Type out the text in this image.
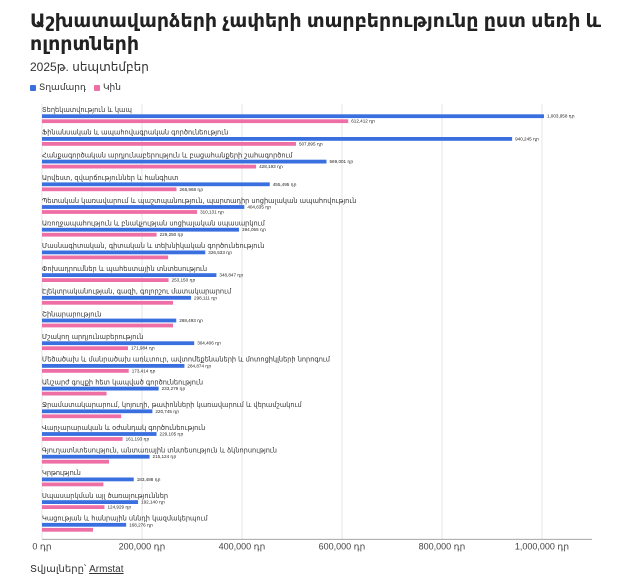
Աշխատավարձերի չափերի տարբերությունը ըստ սեռի և ոլորտների
2025թ. սեպտեմբեր
Տղամարդ Կին
0 դր	200,000 դր	400,000 դր	600,000 դր	800,000 դր	1,000,000 դր
Տեղեկատվություն և կապ
1,003,958 դր
612,412 դր
Ֆինանսական և ապահովագրական գործունեություն
940,245 դր
507,895 դր
Հանքագործական արդյունաբերություն և բացահանքերի շահագործում
569,001 դր
428,193 դր
Արվեստ, զվարճություններ և հանգիստ
455,495 դր
268,968 դր
Պետական կառավարում և պաշտպանություն, պարտադիր սոցիալական ապահովություն
404,635 դր
310,131 դր
Առողջապահություն և բնակչության սոցիալական սպասարկում
394,055 դր
229,250 դր
Մասնագիտական, գիտական և տեխնիկական գործունեություն
326,533 դր
Փոխադրումներ և պահեստային տնտեսություն
348,847 դր
253,150 դր
Էլեկտրականության, գազի, գոլորշու մատակարարում
298,111 դր
Շինարարություն
268,493 դր
Մշակող արդյունաբերություն
304,406 դր
171,984 դր
Մեծածախ և մանրածախ առևտուր, ավտոմեքենաների և մոտոցիկլների նորոգում
284,874 դր
173,414 դր
Անշարժ գույքի հետ կապված գործունեություն
233,279 դր
Ջրամատակարարում, կոյուղի, թափոնների կառավարում և վերամշակում
220,745 դր
Վարչարարական և օժանդակ գործունեություն
229,105 դր
161,193 դր
Գյուղատնտեսություն, անտառային տնտեսություն և ձկնորսություն
215,124 դր
Կրթություն
183,488 դր
Սպասարկման այլ ծառայություններ
192,140 դր
124,929 դր
Կացության և հանրային սննդի կազմակերպում
168,276 դր
Տվյալները՝ Armstat
